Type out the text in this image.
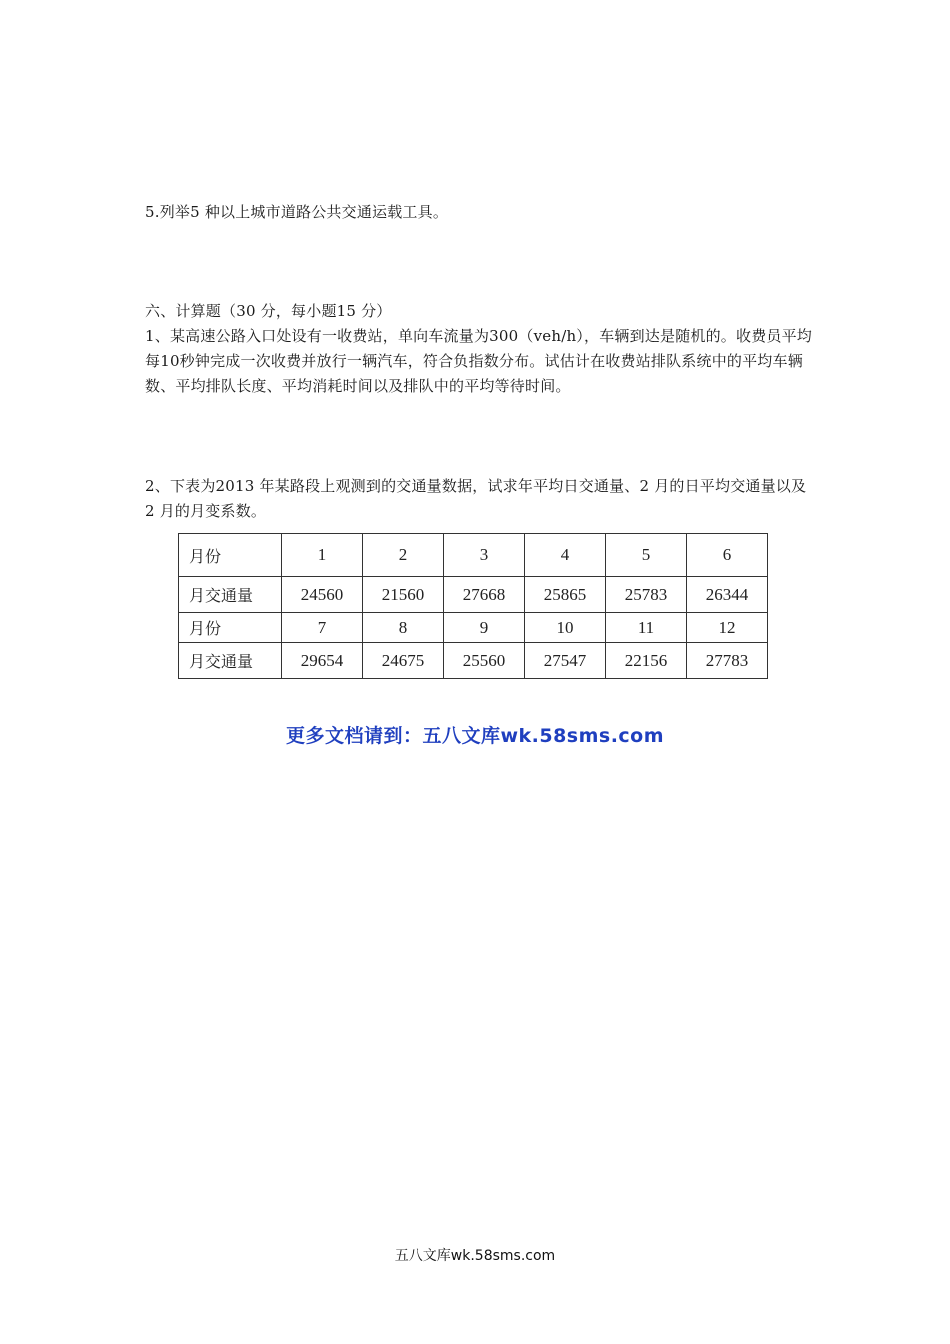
5.列举5 种以上城市道路公共交通运载工具。

六、计算题（30 分，每小题15 分）

1、某高速公路入口处设有一收费站，单向车流量为300（veh/h），车辆到达是随机的。收费员平均每10秒钟完成一次收费并放行一辆汽车，符合负指数分布。试估计在收费站排队系统中的平均车辆数、平均排队长度、平均消耗时间以及排队中的平均等待时间。

2、下表为2013 年某路段上观测到的交通量数据，试求年平均日交通量、2 月的日平均交通量以及2 月的月变系数。

月份	1	2	3	4	5	6
月交通量	24560	21560	27668	25865	25783	26344
月份	7	8	9	10	11	12
月交通量	29654	24675	25560	27547	22156	27783
更多文档请到：五八文库wk.58sms.com
五八文库wk.58sms.com
